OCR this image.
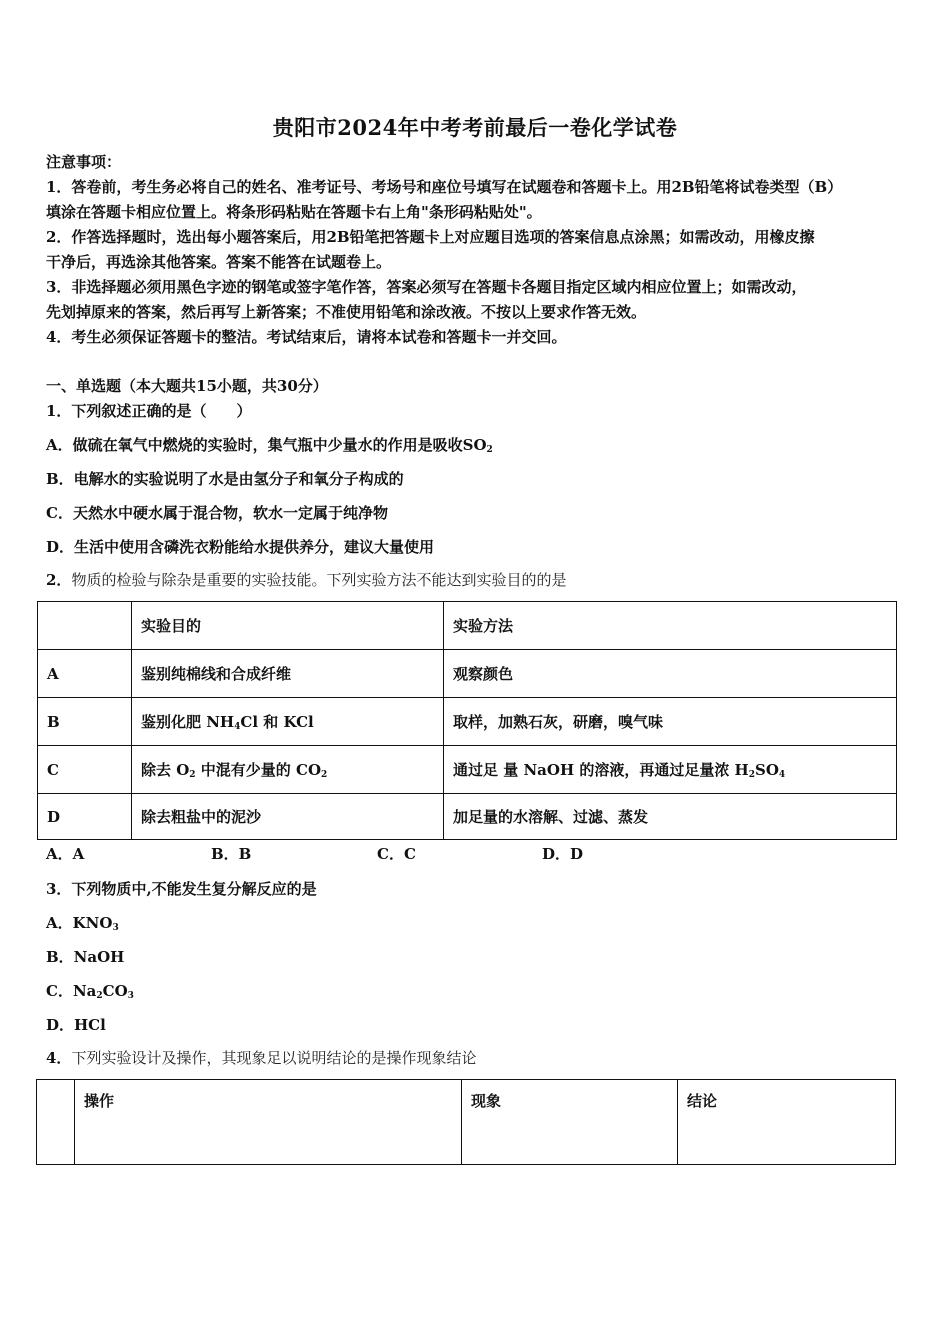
贵阳市2024年中考考前最后一卷化学试卷
注意事项：
1．答卷前，考生务必将自己的姓名、准考证号、考场号和座位号填写在试题卷和答题卡上。用2B铅笔将试卷类型（B）
填涂在答题卡相应位置上。将条形码粘贴在答题卡右上角"条形码粘贴处"。
2．作答选择题时，选出每小题答案后，用2B铅笔把答题卡上对应题目选项的答案信息点涂黑；如需改动，用橡皮擦
干净后，再选涂其他答案。答案不能答在试题卷上。
3．非选择题必须用黑色字迹的钢笔或签字笔作答，答案必须写在答题卡各题目指定区域内相应位置上；如需改动，
先划掉原来的答案，然后再写上新答案；不准使用铅笔和涂改液。不按以上要求作答无效。
4．考生必须保证答题卡的整洁。考试结束后，请将本试卷和答题卡一并交回。
一、单选题（本大题共15小题，共30分）
1．下列叙述正确的是（　　）
A．做硫在氧气中燃烧的实验时，集气瓶中少量水的作用是吸收$SO_2$
B．电解水的实验说明了水是由氢分子和氧分子构成的
C．天然水中硬水属于混合物，软水一定属于纯净物
D．生活中使用含磷洗衣粉能给水提供养分，建议大量使用
2．物质的检验与除杂是重要的实验技能。下列实验方法不能达到实验目的的是
	实验目的	实验方法
A	鉴别纯棉线和合成纤维	观察颜色
B	鉴别化肥 $NH_4Cl$ 和 KCl	取样，加熟石灰，研磨，嗅气味
C	除去 $O_2$ 中混有少量的 $CO_2$	通过足 量 NaOH 的溶液，再通过足量浓 $H_2SO_4$
D	除去粗盐中的泥沙	加足量的水溶解、过滤、蒸发
A．A	B．B	C．C	D．D
3．下列物质中,不能发生复分解反应的是
A．$KNO_3$
B．NaOH
C．$Na_2CO_3$
D．HCl
4．下列实验设计及操作，其现象足以说明结论的是操作现象结论
	操作	现象	结论
